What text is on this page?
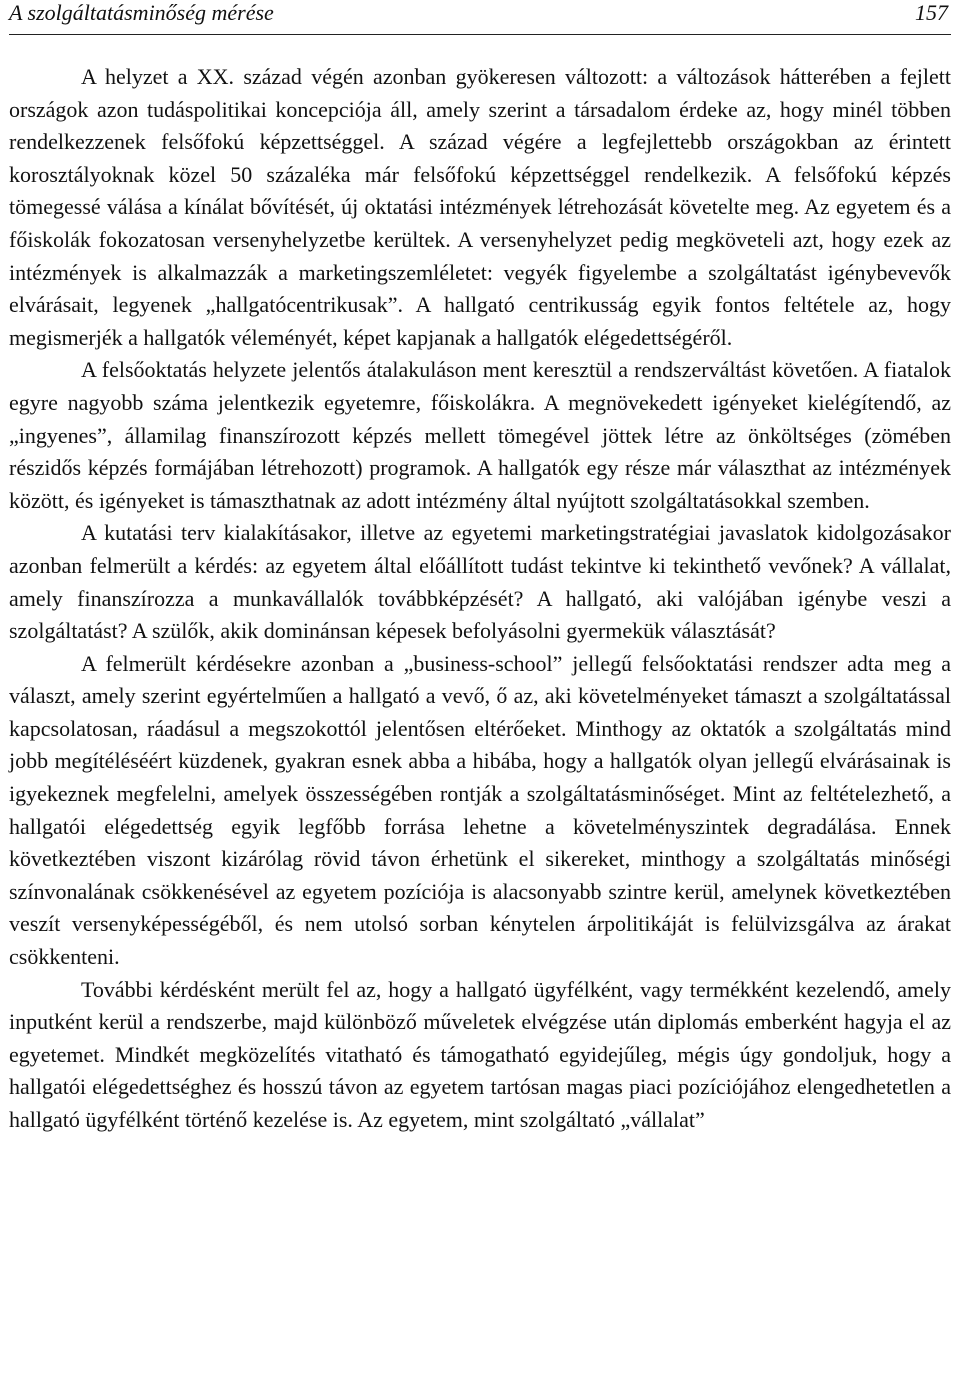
A szolgáltatásminőség mérése	157

A helyzet a XX. század végén azonban gyökeresen változott: a változások hátterében a fejlett országok azon tudáspolitikai koncepciója áll, amely szerint a társadalom érdeke az, hogy minél többen rendelkezzenek felsőfokú képzettséggel. A század végére a legfejlettebb országokban az érintett korosztályoknak közel 50 százaléka már felsőfokú képzettséggel rendelkezik. A felsőfokú képzés tömegessé válása a kínálat bővítését, új oktatási intézmények létrehozását követelte meg. Az egyetem és a főiskolák fokozatosan versenyhelyzetbe kerültek. A versenyhelyzet pedig megköveteli azt, hogy ezek az intézmények is alkalmazzák a marketingszemléletet: vegyék figyelembe a szolgáltatást igénybevevők elvárásait, legyenek „hallgatócentrikusak”. A hallgató centrikusság egyik fontos feltétele az, hogy megismerjék a hallgatók véleményét, képet kapjanak a hallgatók elégedettségéről.

A felsőoktatás helyzete jelentős átalakuláson ment keresztül a rendszerváltást követően. A fiatalok egyre nagyobb száma jelentkezik egyetemre, főiskolákra. A megnövekedett igényeket kielégítendő, az „ingyenes”, államilag finanszírozott képzés mellett tömegével jöttek létre az önköltséges (zömében részidős képzés formájában létrehozott) programok. A hallgatók egy része már választhat az intézmények között, és igényeket is támaszthatnak az adott intézmény által nyújtott szolgáltatásokkal szemben.

A kutatási terv kialakításakor, illetve az egyetemi marketingstratégiai javaslatok kidolgozásakor azonban felmerült a kérdés: az egyetem által előállított tudást tekintve ki tekinthető vevőnek? A vállalat, amely finanszírozza a munkavállalók továbbképzését? A hallgató, aki valójában igénybe veszi a szolgáltatást? A szülők, akik dominánsan képesek befolyásolni gyermekük választását?

A felmerült kérdésekre azonban a „business-school” jellegű felsőoktatási rendszer adta meg a választ, amely szerint egyértelműen a hallgató a vevő, ő az, aki követelményeket támaszt a szolgáltatással kapcsolatosan, ráadásul a megszokottól jelentősen eltérőeket. Minthogy az oktatók a szolgáltatás mind jobb megítéléséért küzdenek, gyakran esnek abba a hibába, hogy a hallgatók olyan jellegű elvárásainak is igyekeznek megfelelni, amelyek összességében rontják a szolgáltatásminőséget. Mint az feltételezhető, a hallgatói elégedettség egyik legfőbb forrása lehetne a követelményszintek degradálása. Ennek következtében viszont kizárólag rövid távon érhetünk el sikereket, minthogy a szolgáltatás minőségi színvonalának csökkenésével az egyetem pozíciója is alacsonyabb szintre kerül, amelynek következtében veszít versenyképességéből, és nem utolsó sorban kénytelen árpolitikáját is felülvizsgálva az árakat csökkenteni.

További kérdésként merült fel az, hogy a hallgató ügyfélként, vagy termékként kezelendő, amely inputként kerül a rendszerbe, majd különböző műveletek elvégzése után diplomás emberként hagyja el az egyetemet. Mindkét megközelítés vitatható és támogatható egyidejűleg, mégis úgy gondoljuk, hogy a hallgatói elégedettséghez és hosszú távon az egyetem tartósan magas piaci pozíciójához elengedhetetlen a hallgató ügyfélként történő kezelése is. Az egyetem, mint szolgáltató „vállalat”
